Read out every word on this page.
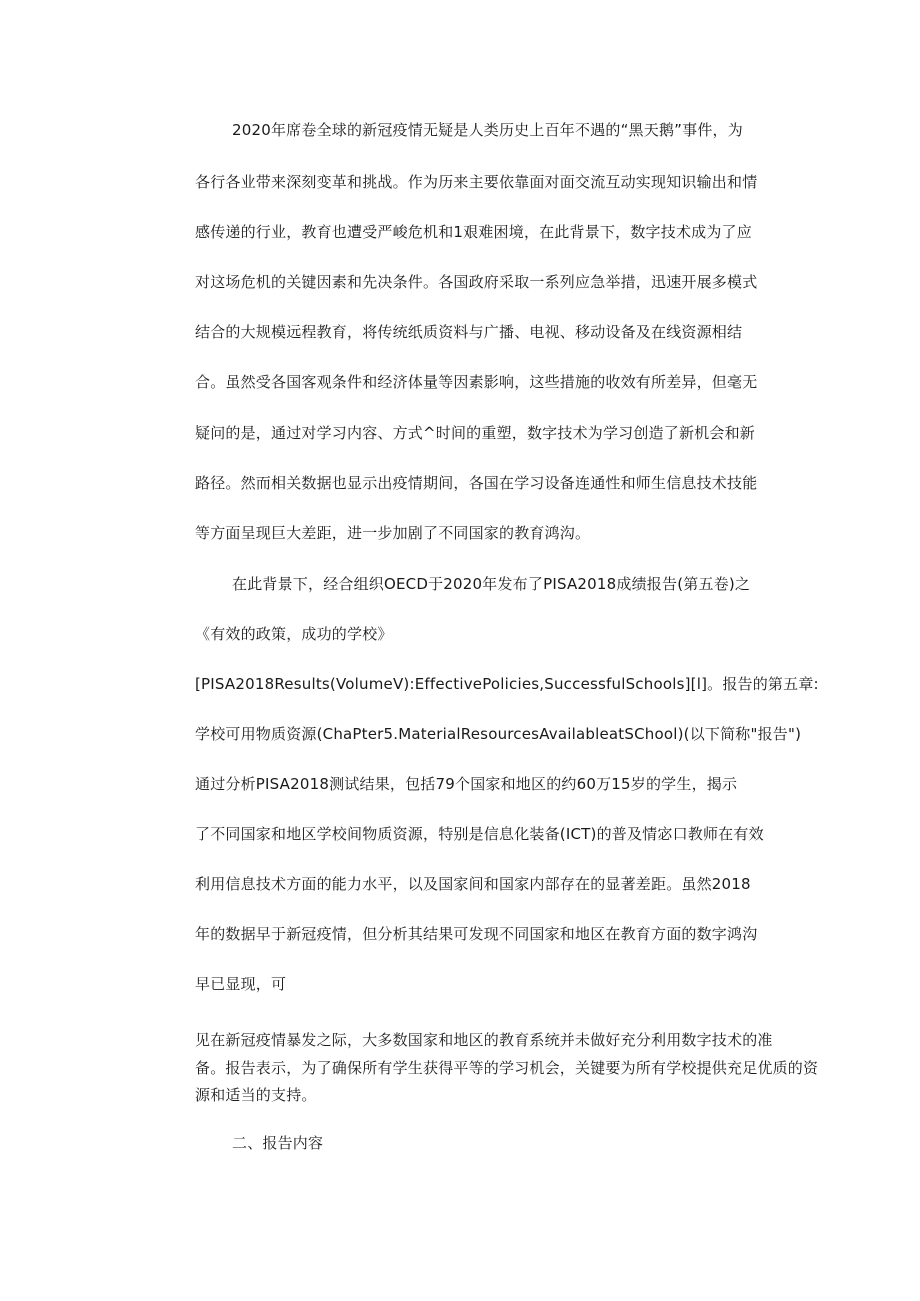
2020年席卷全球的新冠疫情无疑是人类历史上百年不遇的“黑天鹅”事件，为
各行各业带来深刻变革和挑战。作为历来主要依靠面对面交流互动实现知识输出和情
感传递的行业，教育也遭受严峻危机和1艰难困境，在此背景下，数字技术成为了应
对这场危机的关键因素和先决条件。各国政府采取一系列应急举措，迅速开展多模式
结合的大规模远程教育，将传统纸质资料与广播、电视、移动设备及在线资源相结
合。虽然受各国客观条件和经济体量等因素影响，这些措施的收效有所差异，但毫无
疑问的是，通过对学习内容、方式^时间的重塑，数字技术为学习创造了新机会和新
路径。然而相关数据也显示出疫情期间，各国在学习设备连通性和师生信息技术技能
等方面呈现巨大差距，进一步加剧了不同国家的教育鸿沟。
在此背景下，经合组织OECD于2020年发布了PISA2018成绩报告(第五卷)之
《有效的政策，成功的学校》
[PISA2018Results(VolumeV):EffectivePolicies,SuccessfulSchools][l]。报告的第五章:
学校可用物质资源(ChaPter5.MaterialResourcesAvailableatSChool)(以下简称"报告")
通过分析PISA2018测试结果，包括79个国家和地区的约60万15岁的学生，揭示
了不同国家和地区学校间物质资源，特别是信息化装备(ICT)的普及情宓口教师在有效
利用信息技术方面的能力水平，以及国家间和国家内部存在的显著差距。虽然2018
年的数据早于新冠疫情，但分析其结果可发现不同国家和地区在教育方面的数字鸿沟
早已显现，可
见在新冠疫情暴发之际，大多数国家和地区的教育系统并未做好充分利用数字技术的准
备。报告表示，为了确保所有学生获得平等的学习机会，关键要为所有学校提供充足优质的资
源和适当的支持。
二、报告内容
